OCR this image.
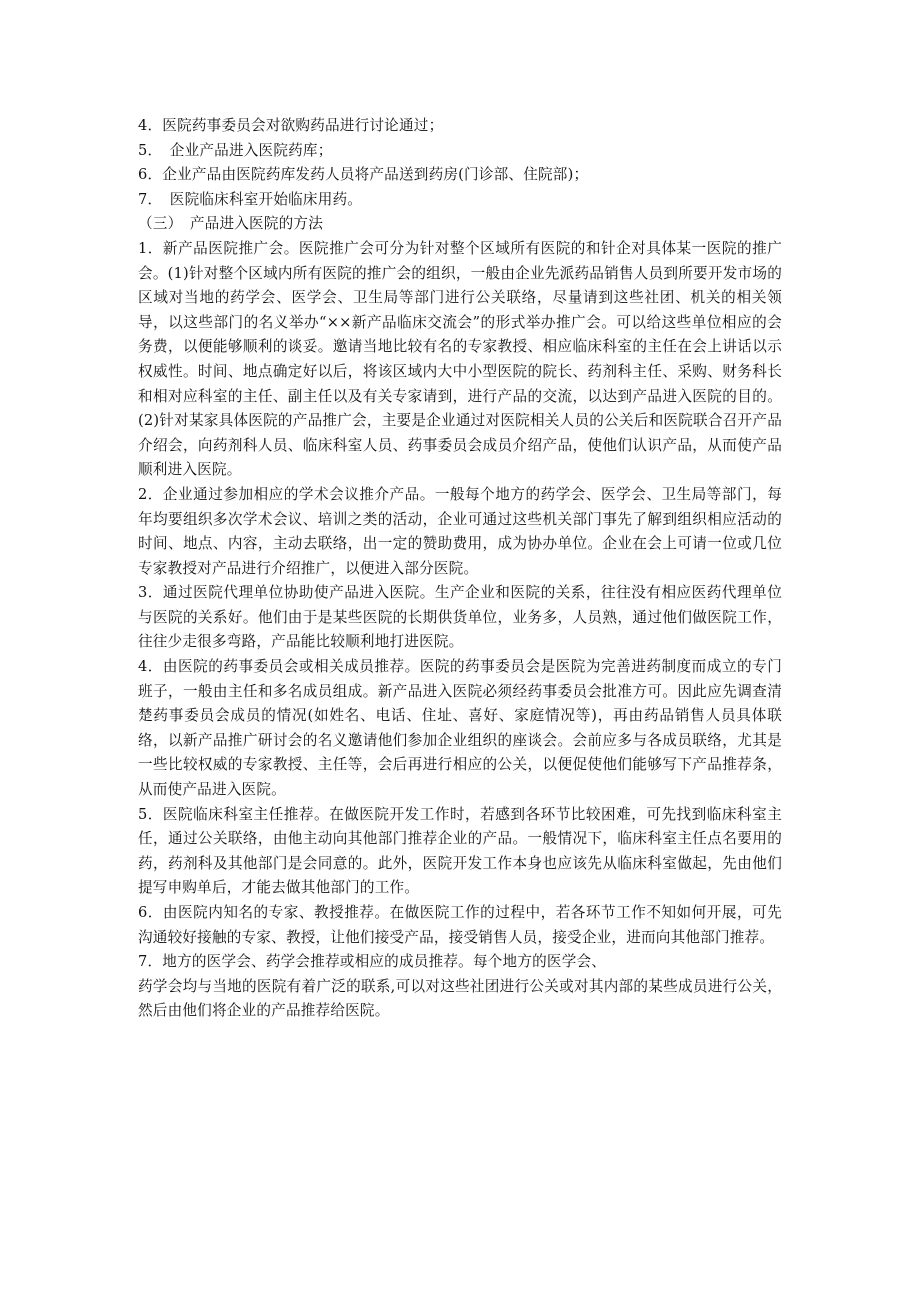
4．医院药事委员会对欲购药品进行讨论通过；

5．　企业产品进入医院药库；

6．企业产品由医院药库发药人员将产品送到药房(门诊部、住院部)；

7．　医院临床科室开始临床用药。

（三）　产品进入医院的方法

1．新产品医院推广会。医院推广会可分为针对整个区域所有医院的和针企对具体某一医院的推广会。(1)针对整个区域内所有医院的推广会的组织，一般由企业先派药品销售人员到所要开发市场的区域对当地的药学会、医学会、卫生局等部门进行公关联络，尽量请到这些社团、机关的相关领导，以这些部门的名义举办“××新产品临床交流会”的形式举办推广会。可以给这些单位相应的会务费，以便能够顺利的谈妥。邀请当地比较有名的专家教授、相应临床科室的主任在会上讲话以示权威性。时间、地点确定好以后，将该区域内大中小型医院的院长、药剂科主任、采购、财务科长和相对应科室的主任、副主任以及有关专家请到，进行产品的交流，以达到产品进入医院的目的。(2)针对某家具体医院的产品推广会，主要是企业通过对医院相关人员的公关后和医院联合召开产品介绍会，向药剂科人员、临床科室人员、药事委员会成员介绍产品，使他们认识产品，从而使产品顺利进入医院。

2．企业通过参加相应的学术会议推介产品。一般每个地方的药学会、医学会、卫生局等部门，每年均要组织多次学术会议、培训之类的活动，企业可通过这些机关部门事先了解到组织相应活动的时间、地点、内容，主动去联络，出一定的赞助费用，成为协办单位。企业在会上可请一位或几位专家教授对产品进行介绍推广，以便进入部分医院。

3．通过医院代理单位协助使产品进入医院。生产企业和医院的关系，往往没有相应医药代理单位与医院的关系好。他们由于是某些医院的长期供货单位，业务多，人员熟，通过他们做医院工作，往往少走很多弯路，产品能比较顺利地打进医院。

4．由医院的药事委员会或相关成员推荐。医院的药事委员会是医院为完善进药制度而成立的专门班子，一般由主任和多名成员组成。新产品进入医院必须经药事委员会批准方可。因此应先调查清楚药事委员会成员的情况(如姓名、电话、住址、喜好、家庭情况等)，再由药品销售人员具体联络，以新产品推广研讨会的名义邀请他们参加企业组织的座谈会。会前应多与各成员联络，尤其是一些比较权威的专家教授、主任等，会后再进行相应的公关，以便促使他们能够写下产品推荐条，从而使产品进入医院。

5．医院临床科室主任推荐。在做医院开发工作时，若感到各环节比较困难，可先找到临床科室主任，通过公关联络，由他主动向其他部门推荐企业的产品。一般情况下，临床科室主任点名要用的药，药剂科及其他部门是会同意的。此外，医院开发工作本身也应该先从临床科室做起，先由他们提写申购单后，才能去做其他部门的工作。

6．由医院内知名的专家、教授推荐。在做医院工作的过程中，若各环节工作不知如何开展，可先沟通较好接触的专家、教授，让他们接受产品，接受销售人员，接受企业，进而向其他部门推荐。

7．地方的医学会、药学会推荐或相应的成员推荐。每个地方的医学会、

药学会均与当地的医院有着广泛的联系,可以对这些社团进行公关或对其内部的某些成员进行公关，然后由他们将企业的产品推荐给医院。
